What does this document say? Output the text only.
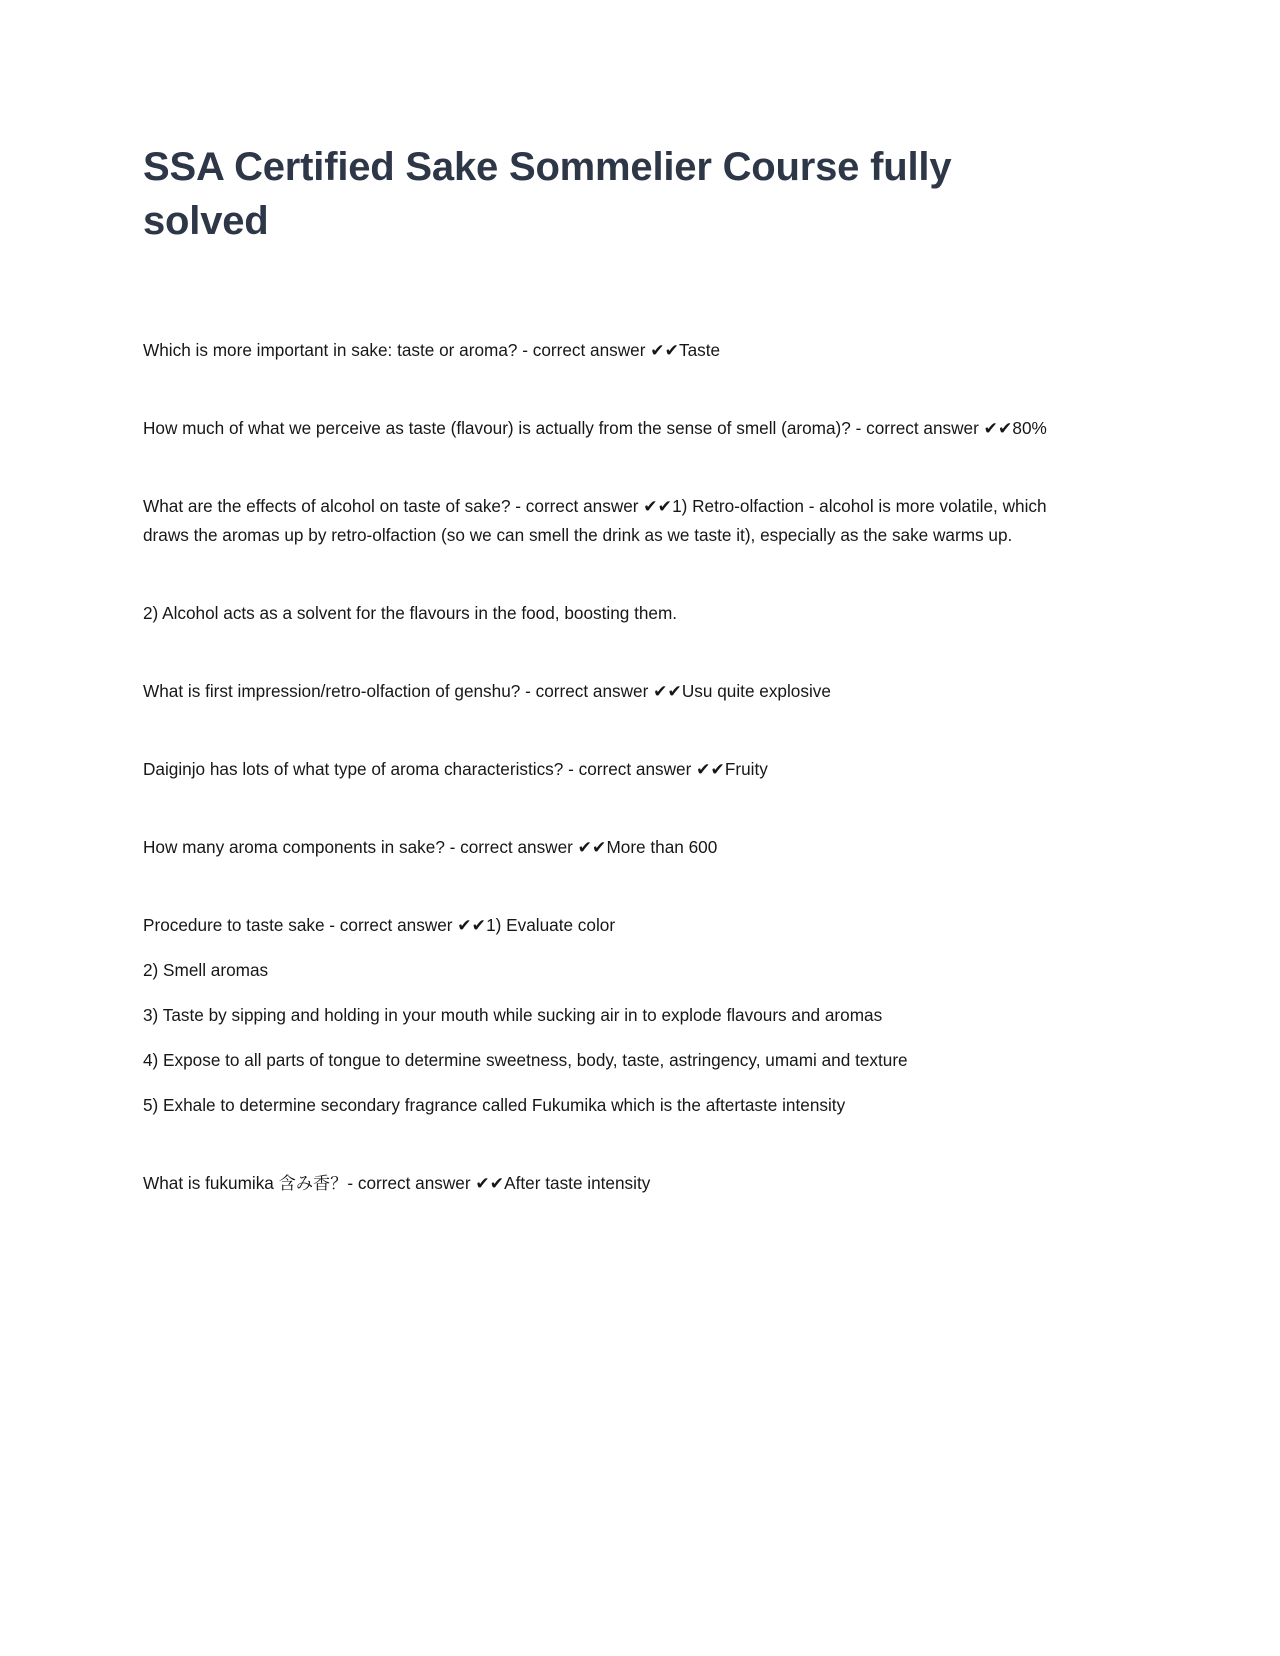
SSA Certified Sake Sommelier Course fully solved

Which is more important in sake: taste or aroma? - correct answer ✔✔Taste

How much of what we perceive as taste (flavour) is actually from the sense of smell (aroma)? - correct answer ✔✔80%

What are the effects of alcohol on taste of sake? - correct answer ✔✔1) Retro-olfaction - alcohol is more volatile, which draws the aromas up by retro-olfaction (so we can smell the drink as we taste it), especially as the sake warms up.

2) Alcohol acts as a solvent for the flavours in the food, boosting them.

What is first impression/retro-olfaction of genshu? - correct answer ✔✔Usu quite explosive

Daiginjo has lots of what type of aroma characteristics? - correct answer ✔✔Fruity

How many aroma components in sake? - correct answer ✔✔More than 600

Procedure to taste sake - correct answer ✔✔1) Evaluate color

2) Smell aromas

3) Taste by sipping and holding in your mouth while sucking air in to explode flavours and aromas

4) Expose to all parts of tongue to determine sweetness, body, taste, astringency, umami and texture

5) Exhale to determine secondary fragrance called Fukumika which is the aftertaste intensity

What is fukumika 含み香？- correct answer ✔✔After taste intensity
